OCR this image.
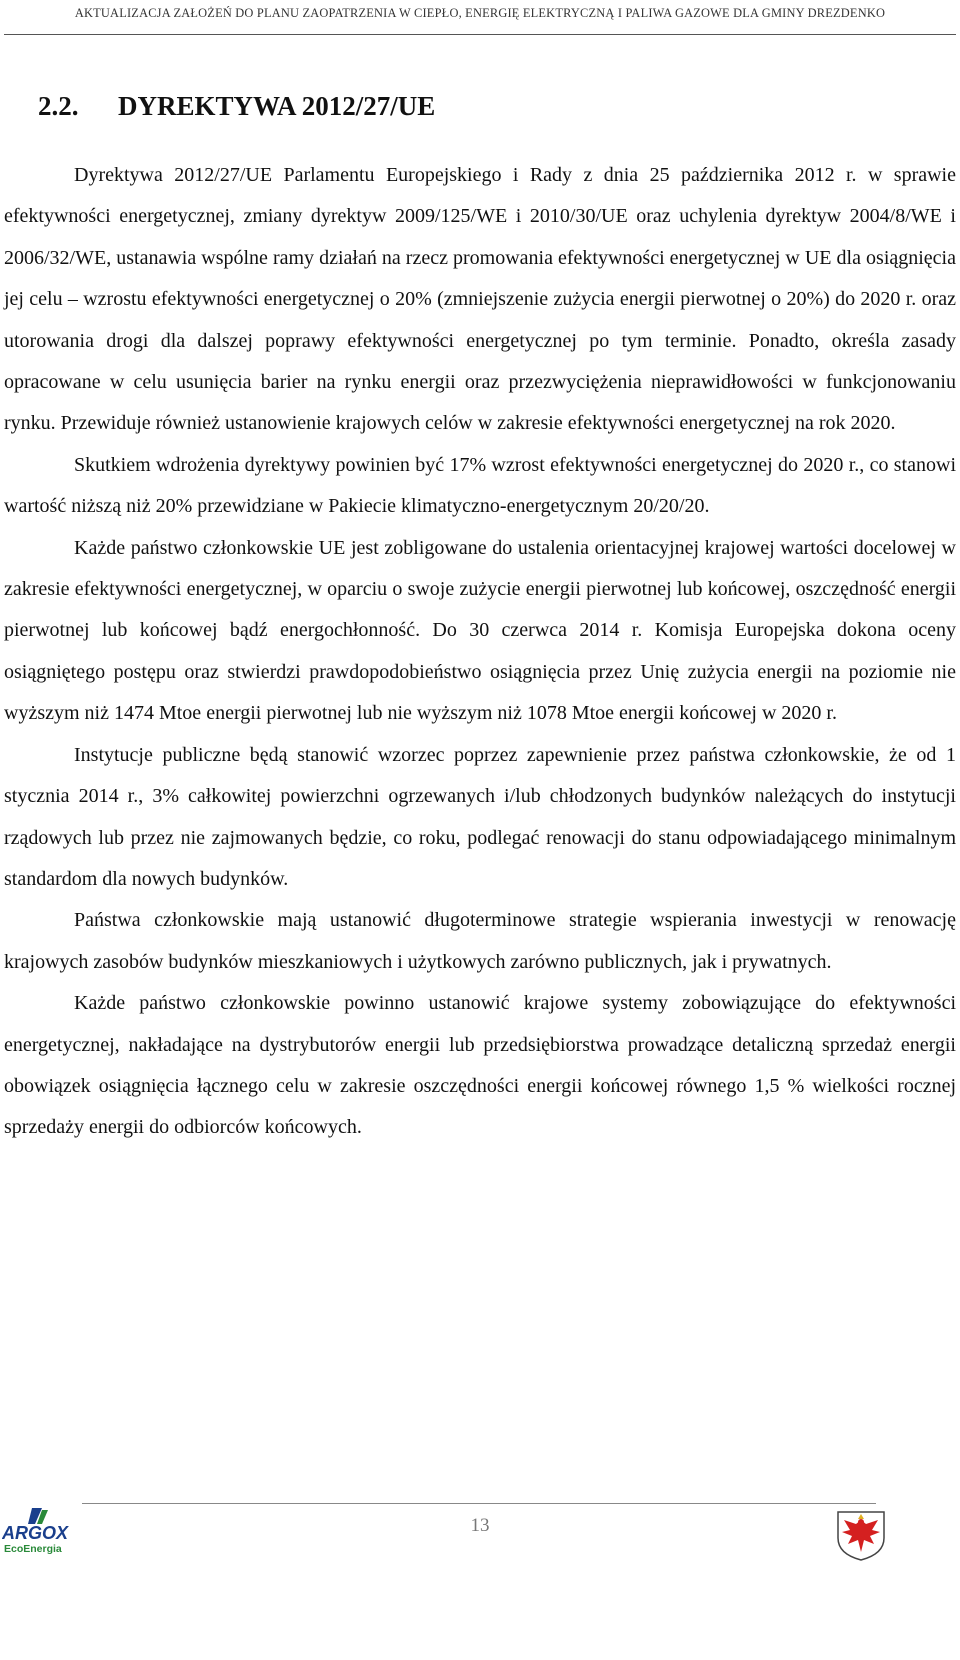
AKTUALIZACJA ZAŁOŻEŃ DO PLANU ZAOPATRZENIA W CIEPŁO, ENERGIĘ ELEKTRYCZNĄ I PALIWA GAZOWE DLA GMINY DREZDENKO
2.2. DYREKTYWA 2012/27/UE

Dyrektywa 2012/27/UE Parlamentu Europejskiego i Rady z dnia 25 października 2012 r. w sprawie efektywności energetycznej, zmiany dyrektyw 2009/125/WE i 2010/30/UE oraz uchylenia dyrektyw 2004/8/WE i 2006/32/WE, ustanawia wspólne ramy działań na rzecz promowania efektywności energetycznej w UE dla osiągnięcia jej celu – wzrostu efektywności energetycznej o 20% (zmniejszenie zużycia energii pierwotnej o 20%) do 2020 r. oraz utorowania drogi dla dalszej poprawy efektywności energetycznej po tym terminie. Ponadto, określa zasady opracowane w celu usunięcia barier na rynku energii oraz przezwyciężenia nieprawidłowości w funkcjonowaniu rynku. Przewiduje również ustanowienie krajowych celów w zakresie efektywności energetycznej na rok 2020.

Skutkiem wdrożenia dyrektywy powinien być 17% wzrost efektywności energetycznej do 2020 r., co stanowi wartość niższą niż 20% przewidziane w Pakiecie klimatyczno-energetycznym 20/20/20.

Każde państwo członkowskie UE jest zobligowane do ustalenia orientacyjnej krajowej wartości docelowej w zakresie efektywności energetycznej, w oparciu o swoje zużycie energii pierwotnej lub końcowej, oszczędność energii pierwotnej lub końcowej bądź energochłonność. Do 30 czerwca 2014 r. Komisja Europejska dokona oceny osiągniętego postępu oraz stwierdzi prawdopodobieństwo osiągnięcia przez Unię zużycia energii na poziomie nie wyższym niż 1474 Mtoe energii pierwotnej lub nie wyższym niż 1078 Mtoe energii końcowej w 2020 r.

Instytucje publiczne będą stanowić wzorzec poprzez zapewnienie przez państwa członkowskie, że od 1 stycznia 2014 r., 3% całkowitej powierzchni ogrzewanych i/lub chłodzonych budynków należących do instytucji rządowych lub przez nie zajmowanych będzie, co roku, podlegać renowacji do stanu odpowiadającego minimalnym standardom dla nowych budynków.

Państwa członkowskie mają ustanowić długoterminowe strategie wspierania inwestycji w renowację krajowych zasobów budynków mieszkaniowych i użytkowych zarówno publicznych, jak i prywatnych.

Każde państwo członkowskie powinno ustanowić krajowe systemy zobowiązujące do efektywności energetycznej, nakładające na dystrybutorów energii lub przedsiębiorstwa prowadzące detaliczną sprzedaż energii obowiązek osiągnięcia łącznego celu w zakresie oszczędności energii końcowej równego 1,5 % wielkości rocznej sprzedaży energii do odbiorców końcowych.

ARGOX
EcoEnergia
13
